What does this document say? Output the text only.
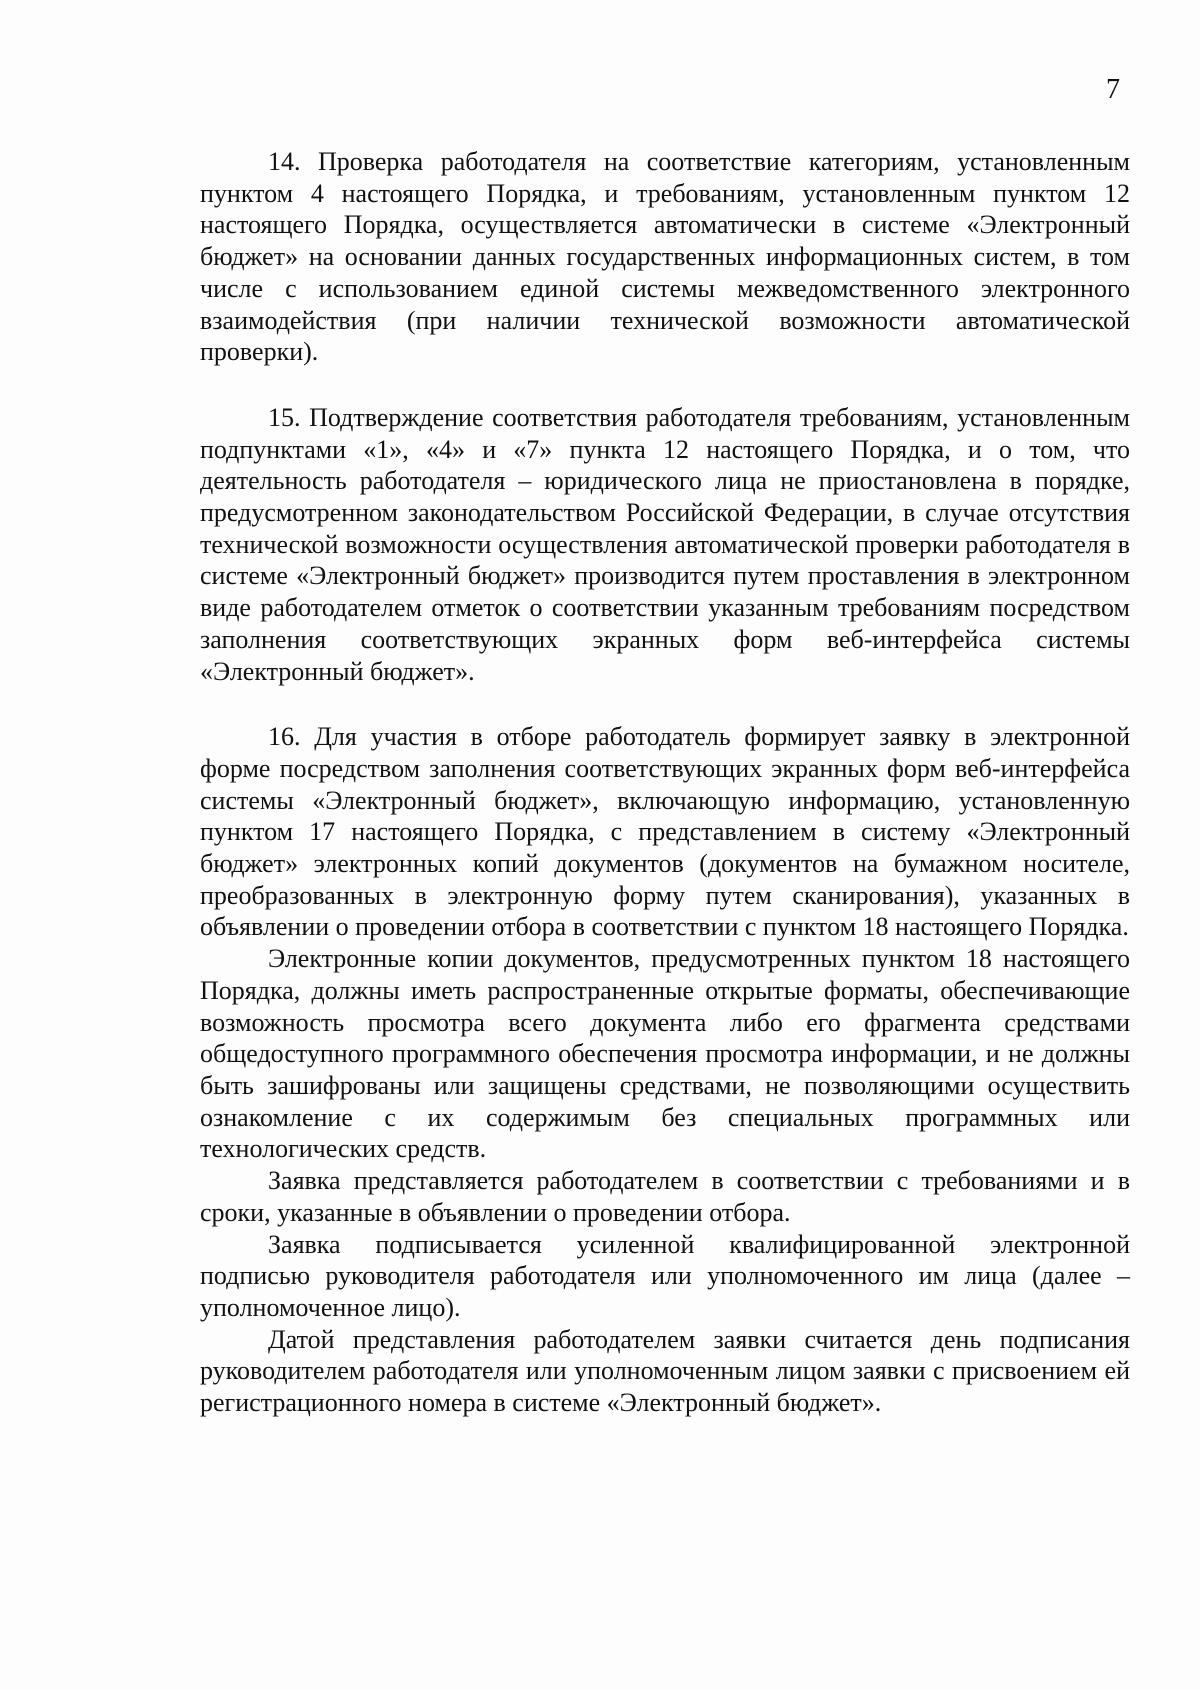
7

14. Проверка работодателя на соответствие категориям, установленным пунктом 4 настоящего Порядка, и требованиям, установленным пунктом 12 настоящего Порядка, осуществляется автоматически в системе «Электронный бюджет» на основании данных государственных информационных систем, в том числе с использованием единой системы межведомственного электронного взаимодействия (при наличии технической возможности автоматической проверки).

15. Подтверждение соответствия работодателя требованиям, установленным подпунктами «1», «4» и «7» пункта 12 настоящего Порядка, и о том, что деятельность работодателя – юридического лица не приостановлена в порядке, предусмотренном законодательством Российской Федерации, в случае отсутствия технической возможности осуществления автоматической проверки работодателя в системе «Электронный бюджет» производится путем проставления в электронном виде работодателем отметок о соответствии указанным требованиям посредством заполнения соответствующих экранных форм веб-интерфейса системы «Электронный бюджет».

16. Для участия в отборе работодатель формирует заявку в электронной форме посредством заполнения соответствующих экранных форм веб-интерфейса системы «Электронный бюджет», включающую информацию, установленную пунктом 17 настоящего Порядка, с представлением в систему «Электронный бюджет» электронных копий документов (документов на бумажном носителе, преобразованных в электронную форму путем сканирования), указанных в объявлении о проведении отбора в соответствии с пунктом 18 настоящего Порядка.

Электронные копии документов, предусмотренных пунктом 18 настоящего Порядка, должны иметь распространенные открытые форматы, обеспечивающие возможность просмотра всего документа либо его фрагмента средствами общедоступного программного обеспечения просмотра информации, и не должны быть зашифрованы или защищены средствами, не позволяющими осуществить ознакомление с их содержимым без специальных программных или технологических средств.

Заявка представляется работодателем в соответствии с требованиями и в сроки, указанные в объявлении о проведении отбора.

Заявка подписывается усиленной квалифицированной электронной подписью руководителя работодателя или уполномоченного им лица (далее – уполномоченное лицо).

Датой представления работодателем заявки считается день подписания руководителем работодателя или уполномоченным лицом заявки с присвоением ей регистрационного номера в системе «Электронный бюджет».
